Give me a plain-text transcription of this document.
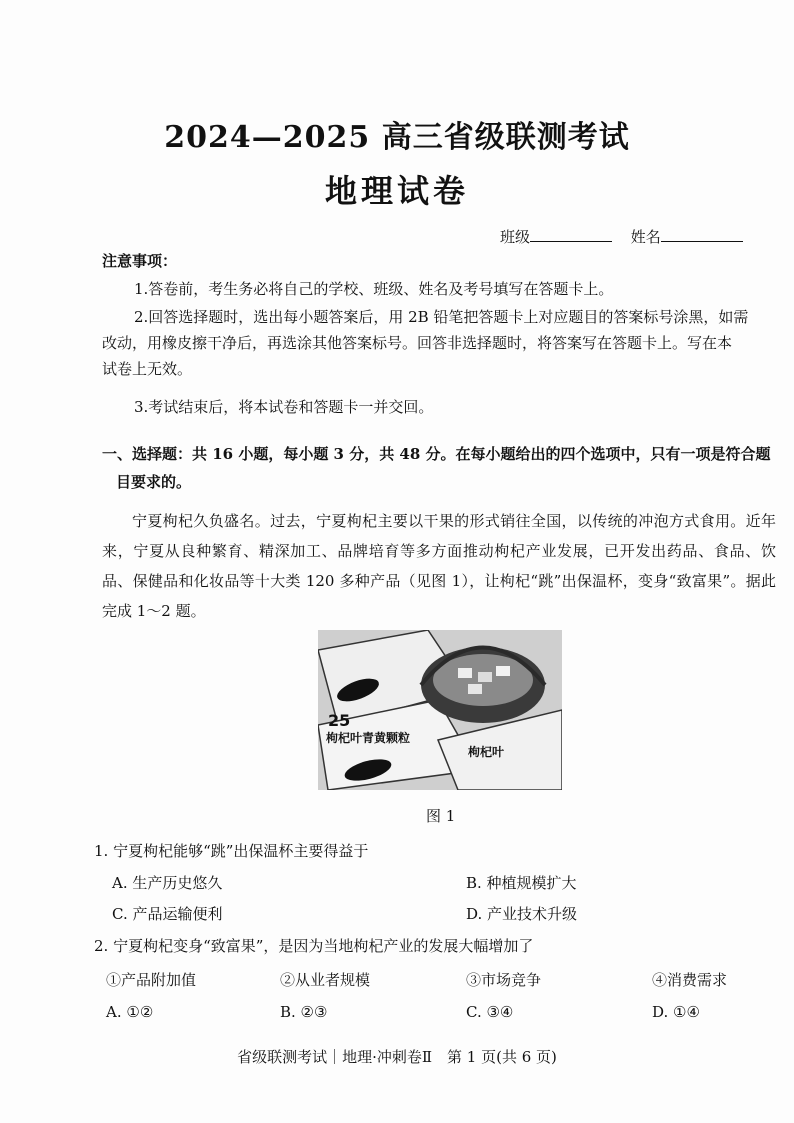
2024—2025 高三省级联测考试
地理试卷
班级	姓名
注意事项：
1.答卷前，考生务必将自己的学校、班级、姓名及考号填写在答题卡上。
2.回答选择题时，选出每小题答案后，用 2B 铅笔把答题卡上对应题目的答案标号涂黑，如需
改动，用橡皮擦干净后，再选涂其他答案标号。回答非选择题时，将答案写在答题卡上。写在本
试卷上无效。
3.考试结束后，将本试卷和答题卡一并交回。
一、选择题：共 16 小题，每小题 3 分，共 48 分。在每小题给出的四个选项中，只有一项是符合题
目要求的。
宁夏枸杞久负盛名。过去，宁夏枸杞主要以干果的形式销往全国，以传统的冲泡方式食用。近年来，宁夏从良种繁育、精深加工、品牌培育等多方面推动枸杞产业发展，已开发出药品、食品、饮品、保健品和化妆品等十大类 120 多种产品（见图 1），让枸杞“跳”出保温杯，变身“致富果”。据此完成 1～2 题。
枸杞叶青黄颗粒
25
枸杞叶
图 1
1. 宁夏枸杞能够“跳”出保温杯主要得益于
A. 生产历史悠久	B. 种植规模扩大
C. 产品运输便利	D. 产业技术升级
2. 宁夏枸杞变身“致富果”，是因为当地枸杞产业的发展大幅增加了
①产品附加值	②从业者规模	③市场竞争	④消费需求
A. ①②	B. ②③	C. ③④	D. ①④
省级联测考试｜地理·冲刺卷Ⅱ　第 1 页(共 6 页)
